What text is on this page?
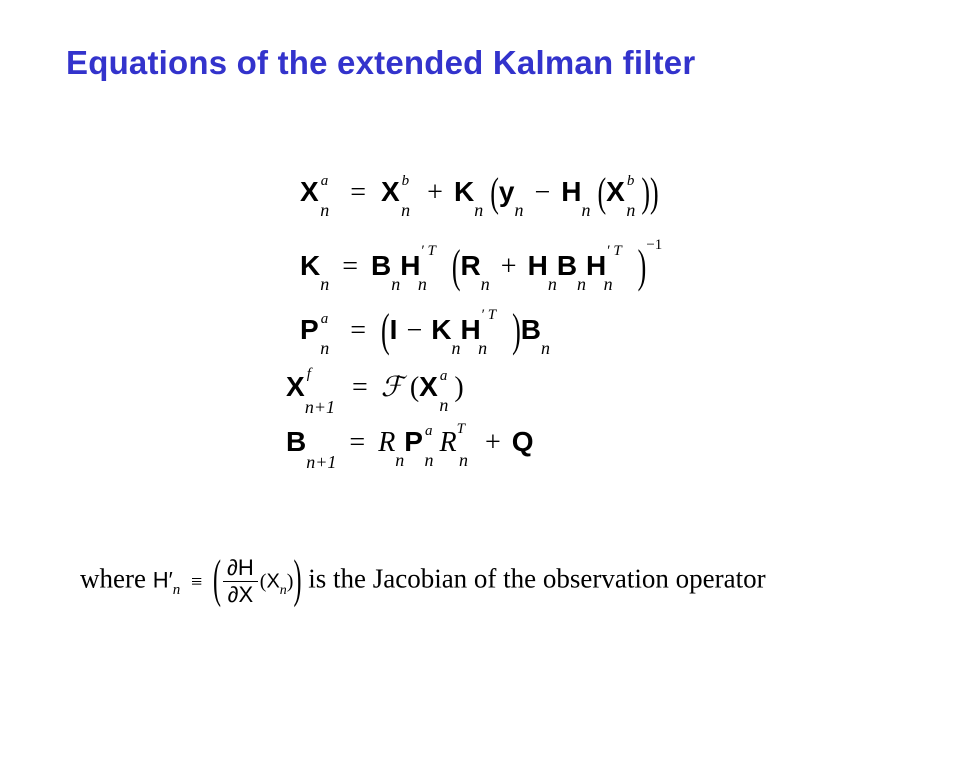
Equations of the extended Kalman filter
X $^a_n$ = X $^b_n + K_n$ ($y_n - H_n$ (X $^b_n$ ))
$K_n = B_nH^{' T}_n$ ($R_n + H_nB_nH^{' T}_n$ )$^{-1}$
P $^a_n = (I - K_nH^{' T}_n$ )$B_n$
X $^f_{n+1}$ = ℱ (X $^a_n$)
$B_{n+1} = R_nP$ $^a_nR^T_n + Q$
where $H'_n$ ≡ ( $\frac{\partial H}{\partial X} (X_n)$) is the Jacobian of the observation operator
